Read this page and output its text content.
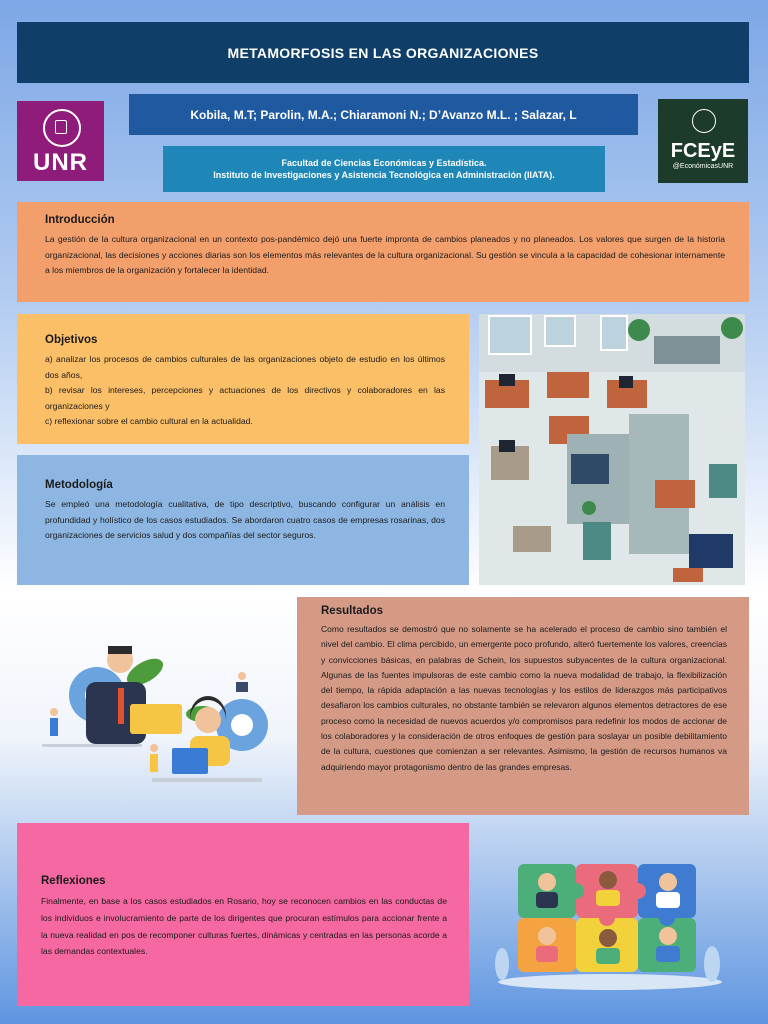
METAMORFOSIS EN LAS ORGANIZACIONES
UNR
Kobila, M.T; Parolin, M.A.; Chiaramoni N.; D’Avanzo M.L. ; Salazar, L
FCEyE
@EconómicasUNR
Facultad de Ciencias Económicas y Estadística.
Instituto de Investigaciones y Asistencia Tecnológica en Administración (IIATA).
Introducción

La gestión de la cultura organizacional en un contexto pos-pandémico dejó una fuerte impronta de cambios planeados y no planeados. Los valores que surgen de la historia organizacional, las decisiones y acciones diarias son los elementos más relevantes de la cultura organizacional. Su gestión se vincula a la capacidad de cohesionar internamente a los miembros de la organización y fortalecer la identidad.

Objetivos

a) analizar los procesos de cambios culturales de las organizaciones objeto de estudio en los últimos dos años,

b) revisar los intereses, percepciones y actuaciones de los directivos y colaboradores en las organizaciones y

c) reflexionar sobre el cambio cultural en la actualidad.

Metodología

Se empleó una metodología cualitativa, de tipo descriptivo, buscando configurar un análisis en profundidad y holístico de los casos estudiados. Se abordaron cuatro casos de empresas rosarinas, dos organizaciones de servicios salud y dos compañías del sector seguros.

Resultados

Como resultados se demostró que no solamente se ha acelerado el proceso de cambio sino también el nivel del cambio. El clima percibido, un emergente poco profundo, alteró fuertemente los valores, creencias y convicciones básicas, en palabras de Schein, los supuestos subyacentes de la cultura organizacional. Algunas de las fuentes impulsoras de este cambio como la nueva modalidad de trabajo, la flexibilización del tiempo, la rápida adaptación a las nuevas tecnologías y los estilos de liderazgos más participativos desafiaron los cambios culturales, no obstante también se relevaron algunos elementos detractores de ese proceso como la necesidad de nuevos acuerdos y/o compromisos para redefinir los modos de accionar de los colaboradores y la consideración de otros enfoques de gestión para soslayar un posible debilitamiento de la cultura, cuestiones que comienzan a ser relevantes. Asimismo, la gestión de recursos humanos va adquiriendo mayor protagonismo dentro de las grandes empresas.

Reflexiones

Finalmente, en base a los casos estudiados en Rosario, hoy se reconocen cambios en las conductas de los individuos e involucramiento de parte de los dirigentes que procuran estímulos para accionar frente a la nueva realidad en pos de recomponer culturas fuertes, dinámicas y centradas en las personas acorde a las demandas contextuales.
